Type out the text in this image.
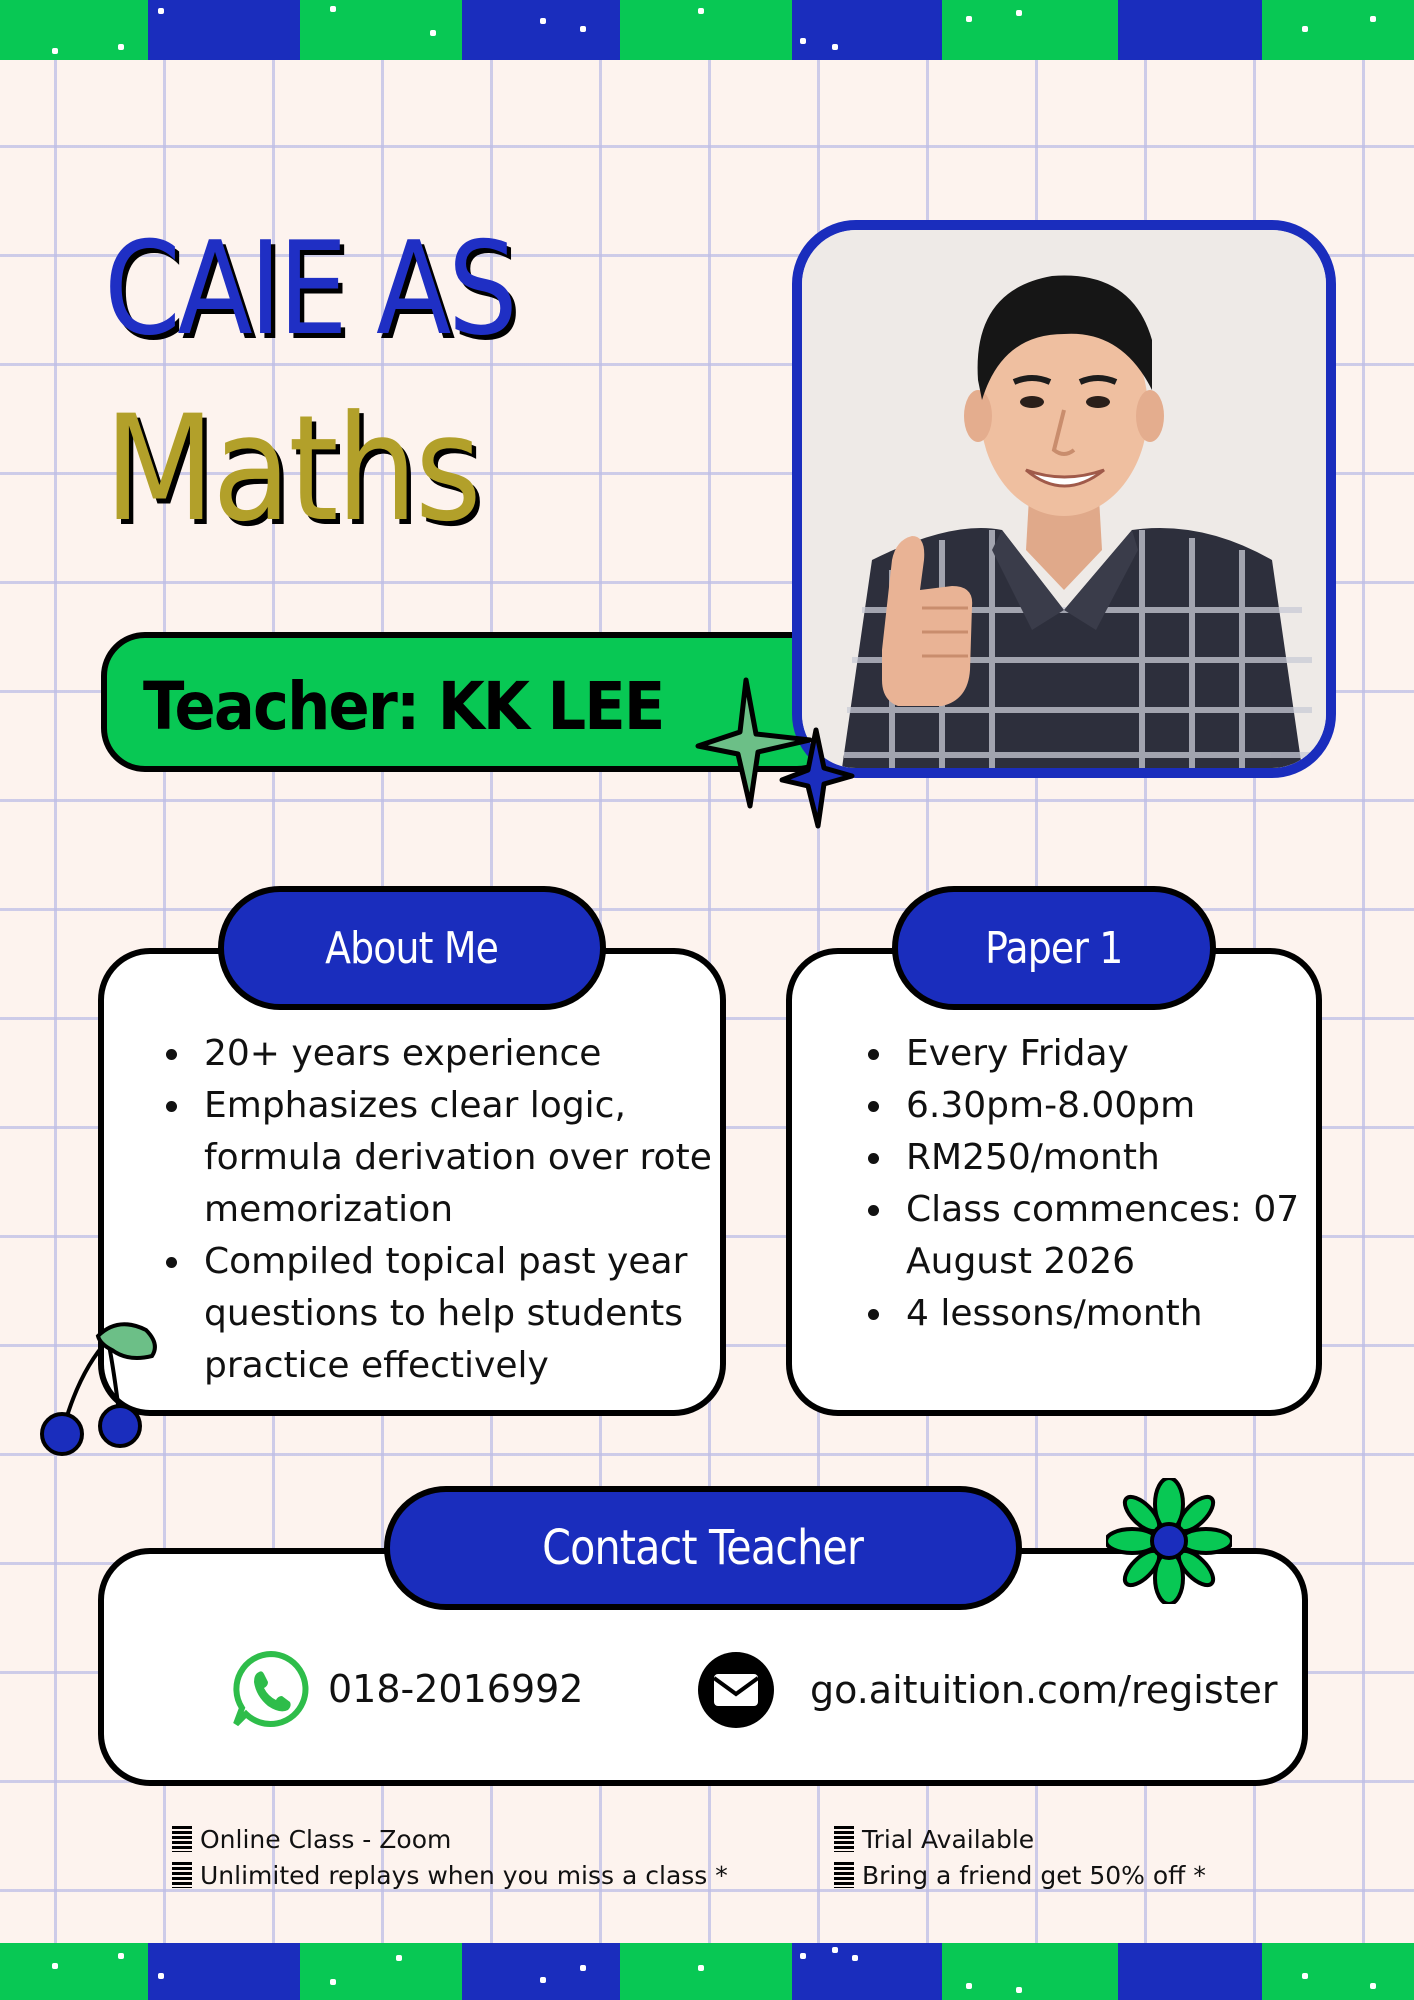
CAIE AS
Maths
Teacher: KK LEE
About Me
20+ years experience
Emphasizes clear logic, formula derivation over rote memorization
Compiled topical past year questions to help students practice effectively
Paper 1
Every Friday
6.30pm-8.00pm
RM250/month
Class commences: 07 August 2026
4 lessons/month
Contact Teacher
018-2016992	go.aituition.com/register
Online Class - Zoom
Unlimited replays when you miss a class *
Trial Available
Bring a friend get 50% off *
